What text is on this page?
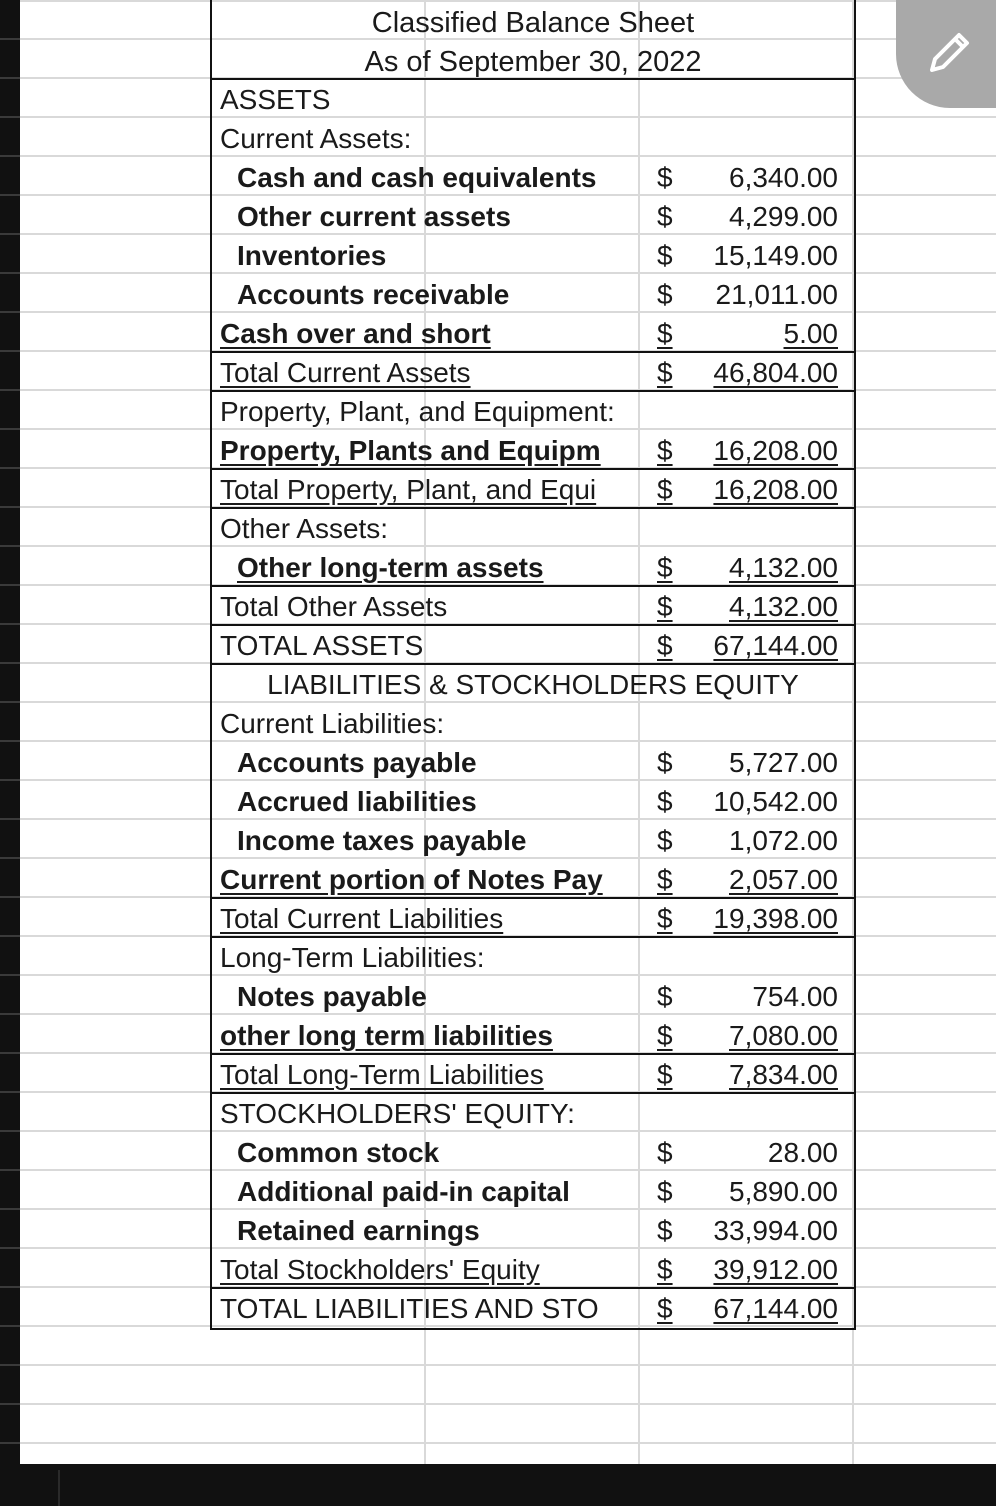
Classified Balance Sheet
As of September 30, 2022
ASSETS
Current Assets:
Cash and cash equivalents	$	6,340.00
Other current assets	$	4,299.00
Inventories	$	15,149.00
Accounts receivable	$	21,011.00
Cash over and short	$	5.00
Total Current Assets	$	46,804.00
Property, Plant, and Equipment:
Property, Plants and Equipm	$	16,208.00
Total Property, Plant, and Equi	$	16,208.00
Other Assets:
Other long-term assets	$	4,132.00
Total Other Assets	$	4,132.00
TOTAL ASSETS	$	67,144.00
LIABILITIES & STOCKHOLDERS EQUITY
Current Liabilities:
Accounts payable	$	5,727.00
Accrued liabilities	$	10,542.00
Income taxes payable	$	1,072.00
Current portion of Notes Pay	$	2,057.00
Total Current Liabilities	$	19,398.00
Long-Term Liabilities:
Notes payable	$	754.00
other long term liabilities	$	7,080.00
Total Long-Term Liabilities	$	7,834.00
STOCKHOLDERS' EQUITY:
Common stock	$	28.00
Additional paid-in capital	$	5,890.00
Retained earnings	$	33,994.00
Total Stockholders' Equity	$	39,912.00
TOTAL LIABILITIES AND STO	$	67,144.00
